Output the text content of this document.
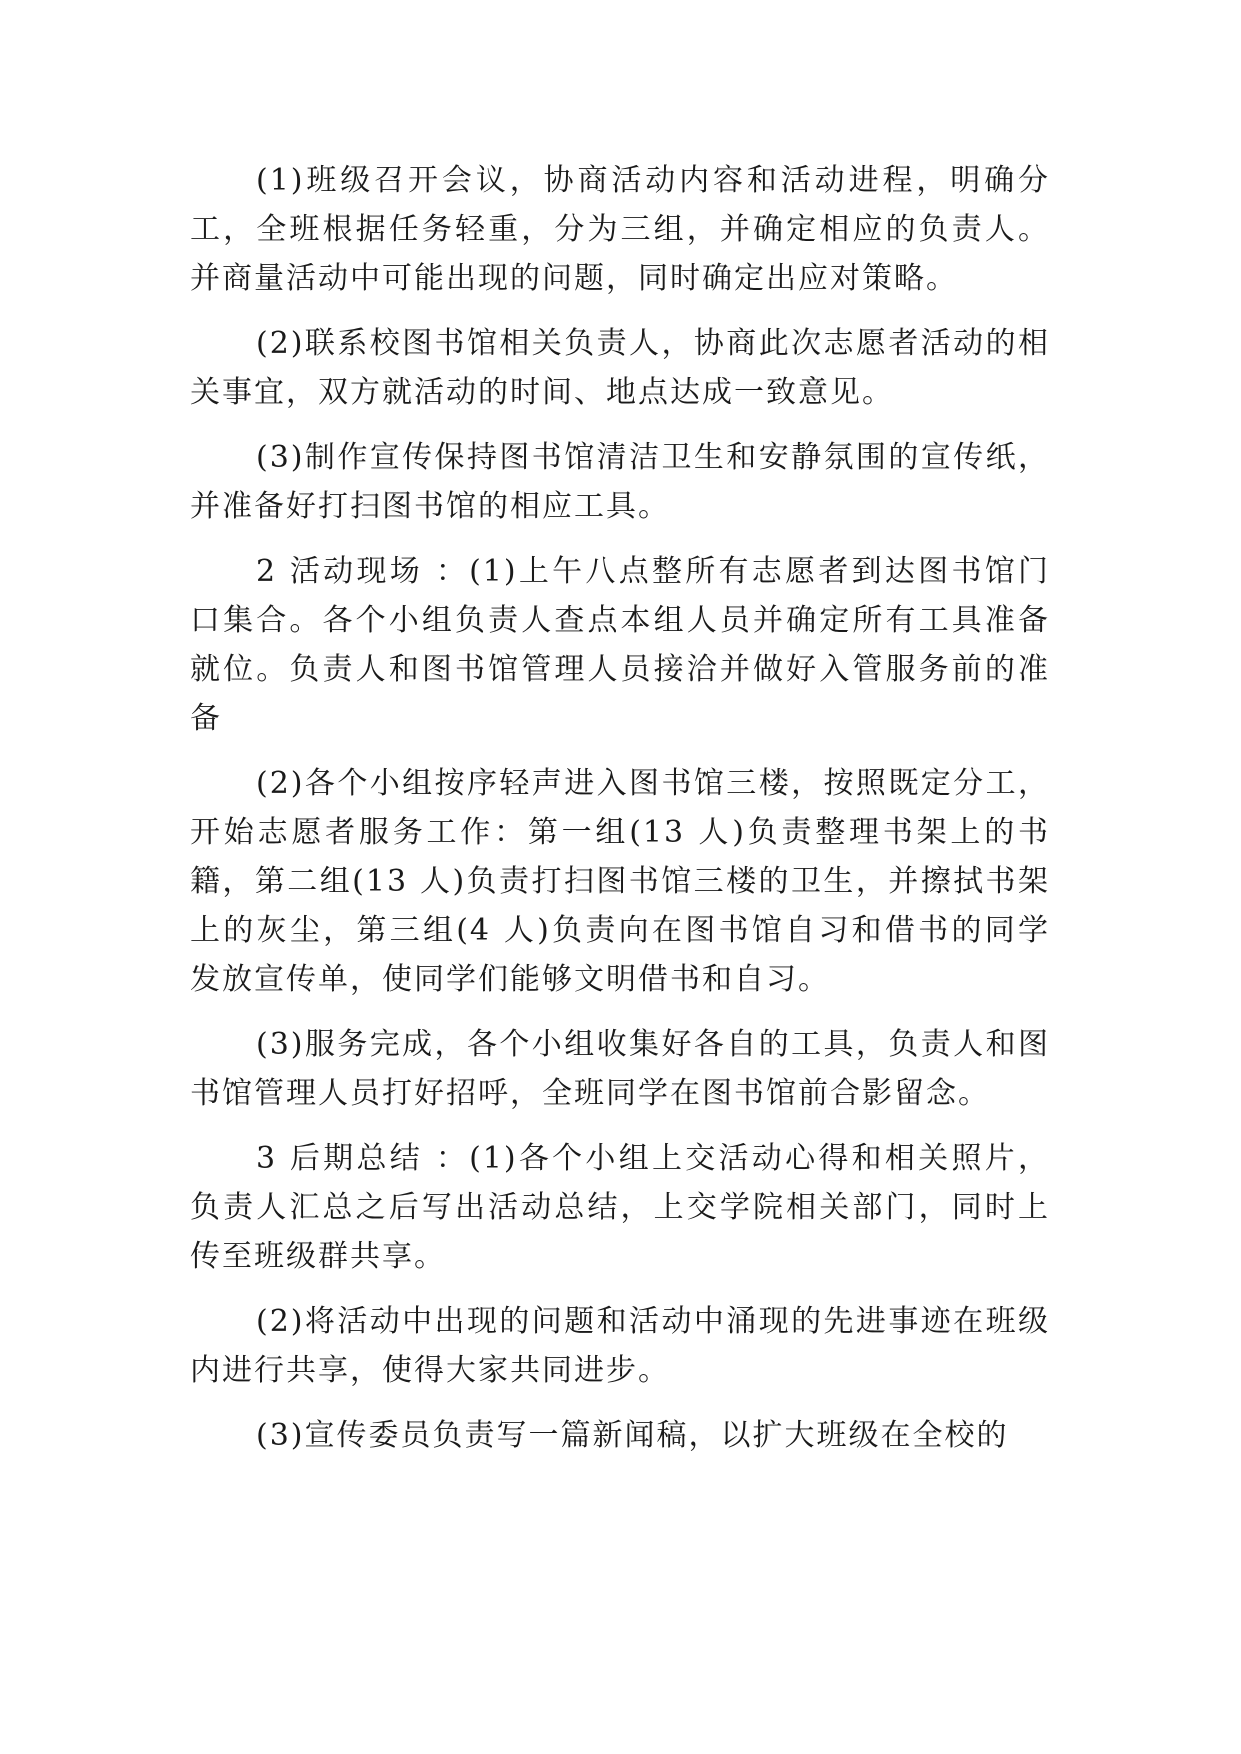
(1)班级召开会议，协商活动内容和活动进程，明确分工，全班根据任务轻重，分为三组，并确定相应的负责人。并商量活动中可能出现的问题，同时确定出应对策略。

(2)联系校图书馆相关负责人，协商此次志愿者活动的相关事宜，双方就活动的时间、地点达成一致意见。

(3)制作宣传保持图书馆清洁卫生和安静氛围的宣传纸，并准备好打扫图书馆的相应工具。

2 活动现场 ：(1)上午八点整所有志愿者到达图书馆门口集合。各个小组负责人查点本组人员并确定所有工具准备就位。负责人和图书馆管理人员接洽并做好入管服务前的准备

(2)各个小组按序轻声进入图书馆三楼，按照既定分工，开始志愿者服务工作：第一组(13 人)负责整理书架上的书籍，第二组(13 人)负责打扫图书馆三楼的卫生，并擦拭书架上的灰尘，第三组(4 人)负责向在图书馆自习和借书的同学发放宣传单，使同学们能够文明借书和自习。

(3)服务完成，各个小组收集好各自的工具，负责人和图书馆管理人员打好招呼，全班同学在图书馆前合影留念。

3 后期总结 ：(1)各个小组上交活动心得和相关照片，负责人汇总之后写出活动总结，上交学院相关部门，同时上传至班级群共享。

(2)将活动中出现的问题和活动中涌现的先进事迹在班级内进行共享，使得大家共同进步。

(3)宣传委员负责写一篇新闻稿，以扩大班级在全校的
